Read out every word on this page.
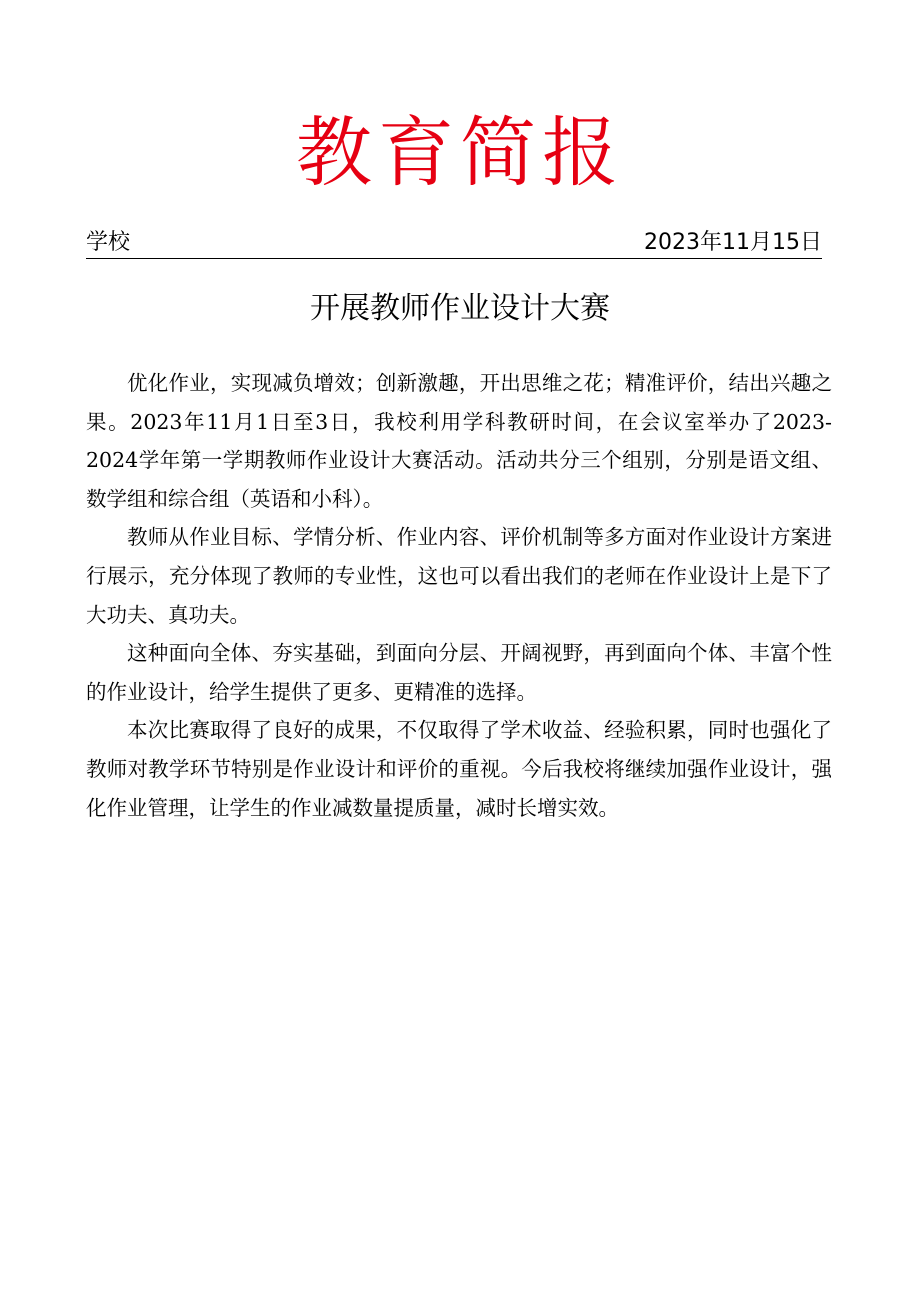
教育简报
学校	2023年11月15日
开展教师作业设计大赛

优化作业，实现减负增效；创新激趣，开出思维之花；精准评价，结出兴趣之果。2023年11月1日至3日，我校利用学科教研时间，在会议室举办了2023-2024学年第一学期教师作业设计大赛活动。活动共分三个组别，分别是语文组、数学组和综合组（英语和小科）。

教师从作业目标、学情分析、作业内容、评价机制等多方面对作业设计方案进行展示，充分体现了教师的专业性，这也可以看出我们的老师在作业设计上是下了大功夫、真功夫。

这种面向全体、夯实基础，到面向分层、开阔视野，再到面向个体、丰富个性的作业设计，给学生提供了更多、更精准的选择。

本次比赛取得了良好的成果，不仅取得了学术收益、经验积累，同时也强化了教师对教学环节特别是作业设计和评价的重视。今后我校将继续加强作业设计，强化作业管理，让学生的作业减数量提质量，减时长增实效。
